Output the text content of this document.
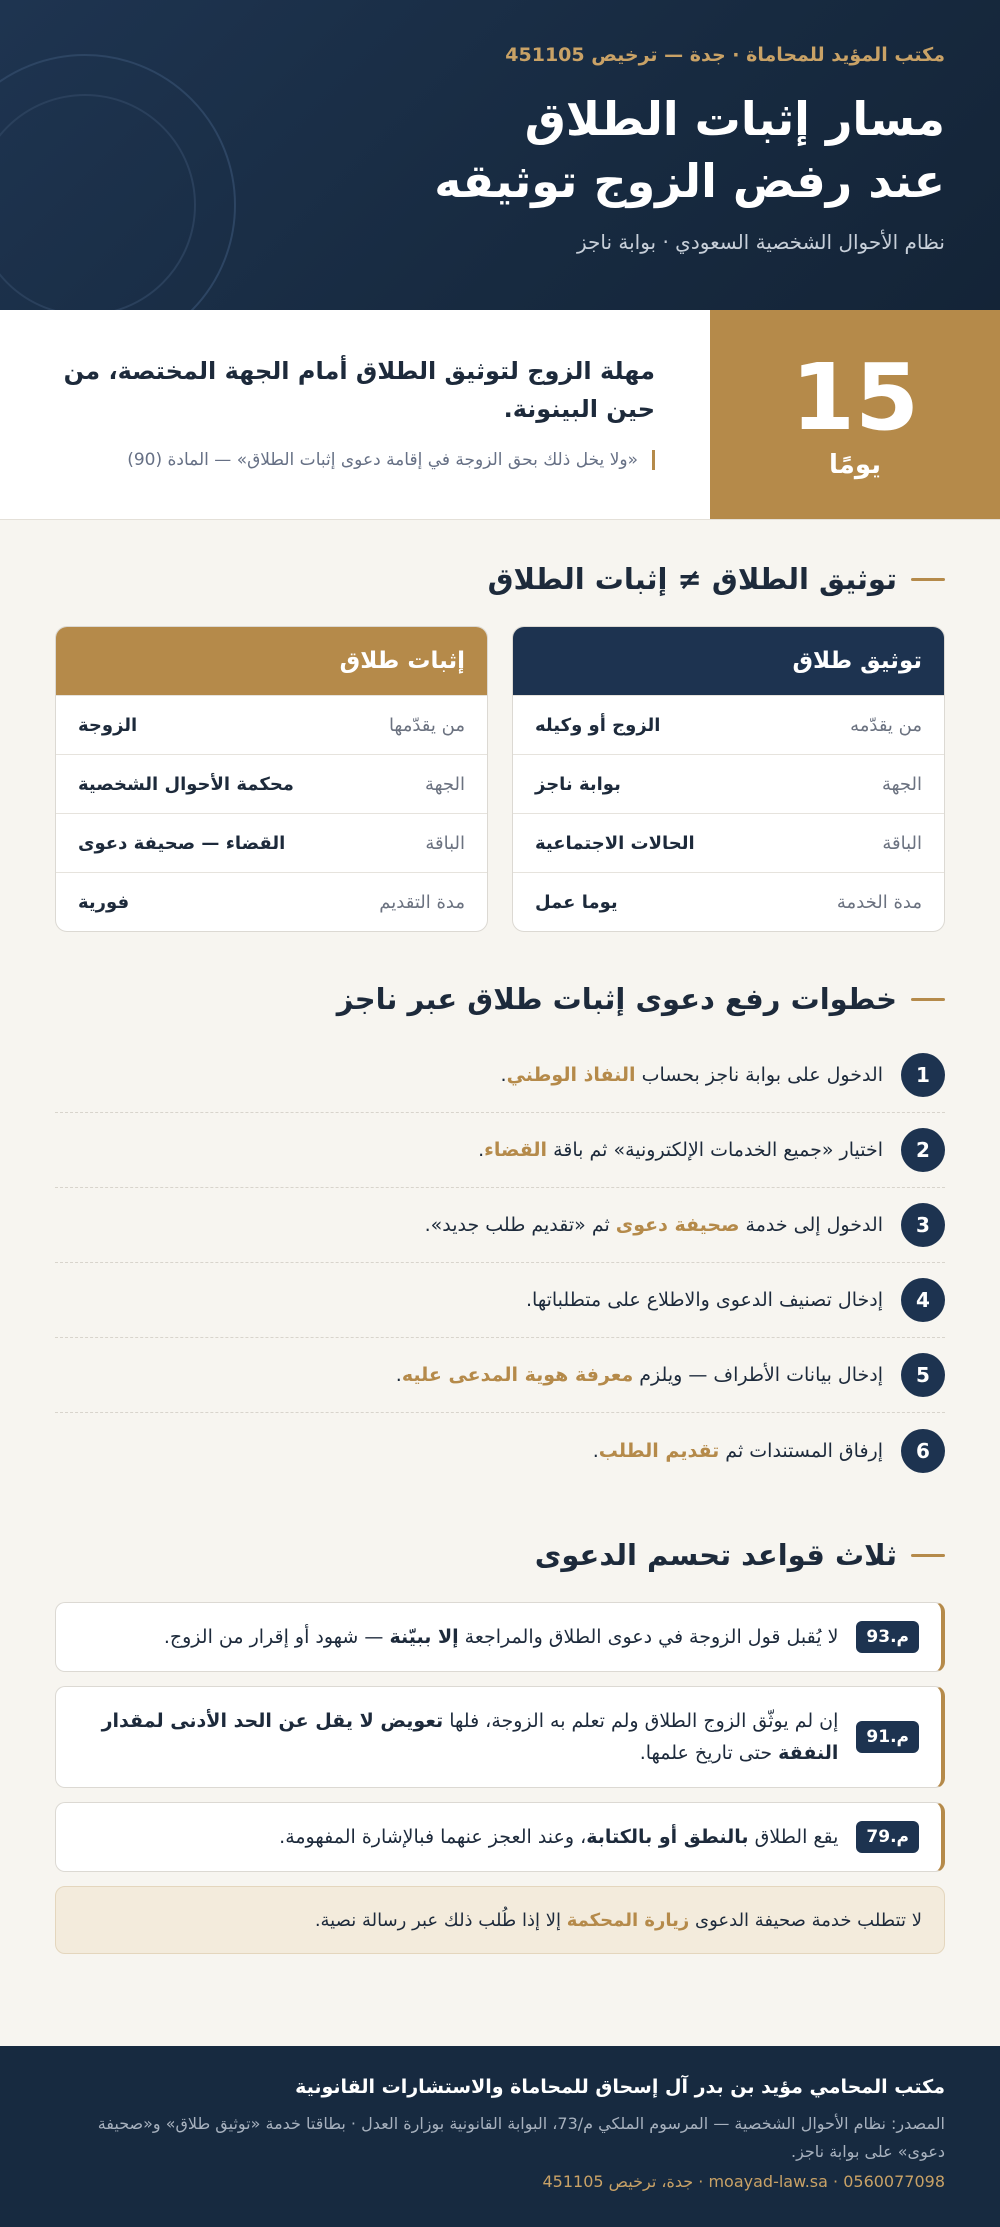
مكتب المؤيد للمحاماة · جدة — ترخيص 451105
مسار إثبات الطلاق
عند رفض الزوج توثيقه
نظام الأحوال الشخصية السعودي · بوابة ناجز
15
يومًا
مهلة الزوج لتوثيق الطلاق أمام الجهة المختصة، من حين البينونة.
«ولا يخل ذلك بحق الزوجة في إقامة دعوى إثبات الطلاق» — المادة (90)
توثيق الطلاق ≠ إثبات الطلاق
توثيق طلاق
من يقدّمه
الزوج أو وكيله
الجهة
بوابة ناجز
الباقة
الحالات الاجتماعية
مدة الخدمة
يوما عمل
إثبات طلاق
من يقدّمها
الزوجة
الجهة
محكمة الأحوال الشخصية
الباقة
القضاء — صحيفة دعوى
مدة التقديم
فورية
خطوات رفع دعوى إثبات طلاق عبر ناجز
1
الدخول على بوابة ناجز بحساب النفاذ الوطني.
2
اختيار «جميع الخدمات الإلكترونية» ثم باقة القضاء.
3
الدخول إلى خدمة صحيفة دعوى ثم «تقديم طلب جديد».
4
إدخال تصنيف الدعوى والاطلاع على متطلباتها.
5
إدخال بيانات الأطراف — ويلزم معرفة هوية المدعى عليه.
6
إرفاق المستندات ثم تقديم الطلب.
ثلاث قواعد تحسم الدعوى
م.93
لا يُقبل قول الزوجة في دعوى الطلاق والمراجعة إلا ببيّنة — شهود أو إقرار من الزوج.
م.91
إن لم يوثّق الزوج الطلاق ولم تعلم به الزوجة، فلها تعويض لا يقل عن الحد الأدنى لمقدار النفقة حتى تاريخ علمها.
م.79
يقع الطلاق بالنطق أو بالكتابة، وعند العجز عنهما فبالإشارة المفهومة.
لا تتطلب خدمة صحيفة الدعوى زيارة المحكمة إلا إذا طُلب ذلك عبر رسالة نصية.
مكتب المحامي مؤيد بن بدر آل إسحاق للمحاماة والاستشارات القانونية
المصدر: نظام الأحوال الشخصية — المرسوم الملكي م/73، البوابة القانونية بوزارة العدل · بطاقتا خدمة «توثيق طلاق» و«صحيفة دعوى» على بوابة ناجز.
0560077098 · moayad-law.sa · جدة، ترخيص 451105
